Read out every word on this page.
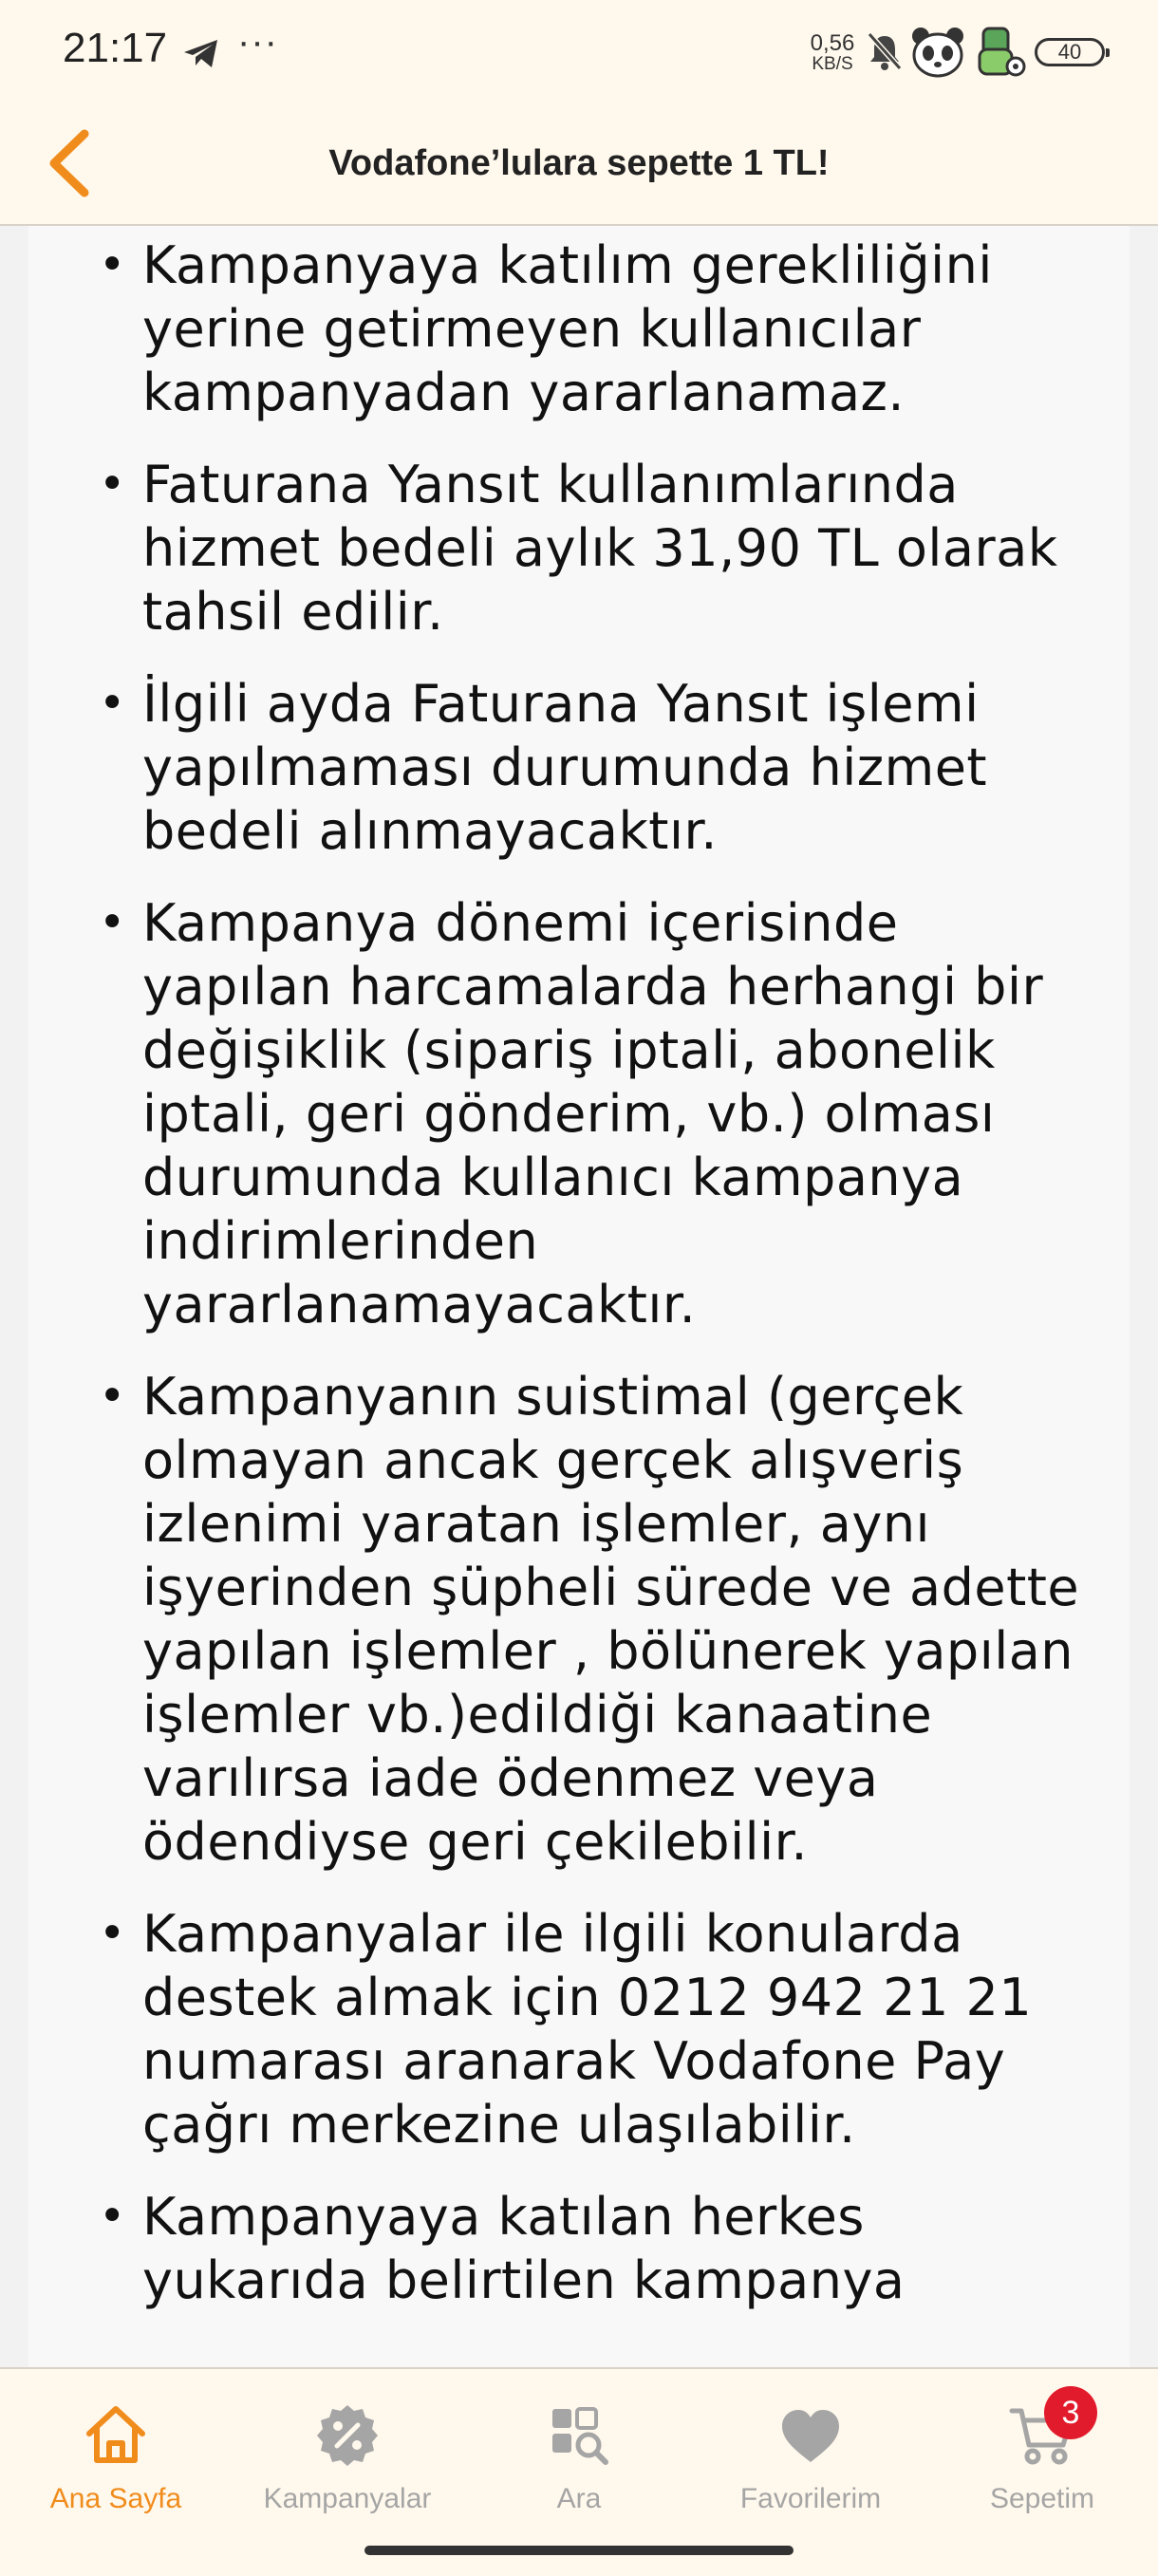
21:17 ···	0,56
KB/S
40
Vodafone’lulara sepette 1 TL!
• Kampanyaya katılım gerekliliğini yerine getirmeyen kullanıcılar kampanyadan yararlanamaz.
• Faturana Yansıt kullanımlarında hizmet bedeli aylık 31,90 TL olarak tahsil edilir.
• İlgili ayda Faturana Yansıt işlemi yapılmaması durumunda hizmet bedeli alınmayacaktır.
• Kampanya dönemi içerisinde yapılan harcamalarda herhangi bir değişiklik (sipariş iptali, abonelik iptali, geri gönderim, vb.) olması durumunda kullanıcı kampanya indirimlerinden yararlanamayacaktır.
• Kampanyanın suistimal (gerçek olmayan ancak gerçek alışveriş izlenimi yaratan işlemler, aynı işyerinden şüpheli sürede ve adette yapılan işlemler , bölünerek yapılan işlemler vb.)edildiği kanaatine varılırsa iade ödenmez veya ödendiyse geri çekilebilir.
• Kampanyalar ile ilgili konularda destek almak için 0212 942 21 21 numarası aranarak Vodafone Pay çağrı merkezine ulaşılabilir.
• Kampanyaya katılan herkes yukarıda belirtilen kampanya
Ana Sayfa	Kampanyalar	Ara	Favorilerim	Sepetim
3
